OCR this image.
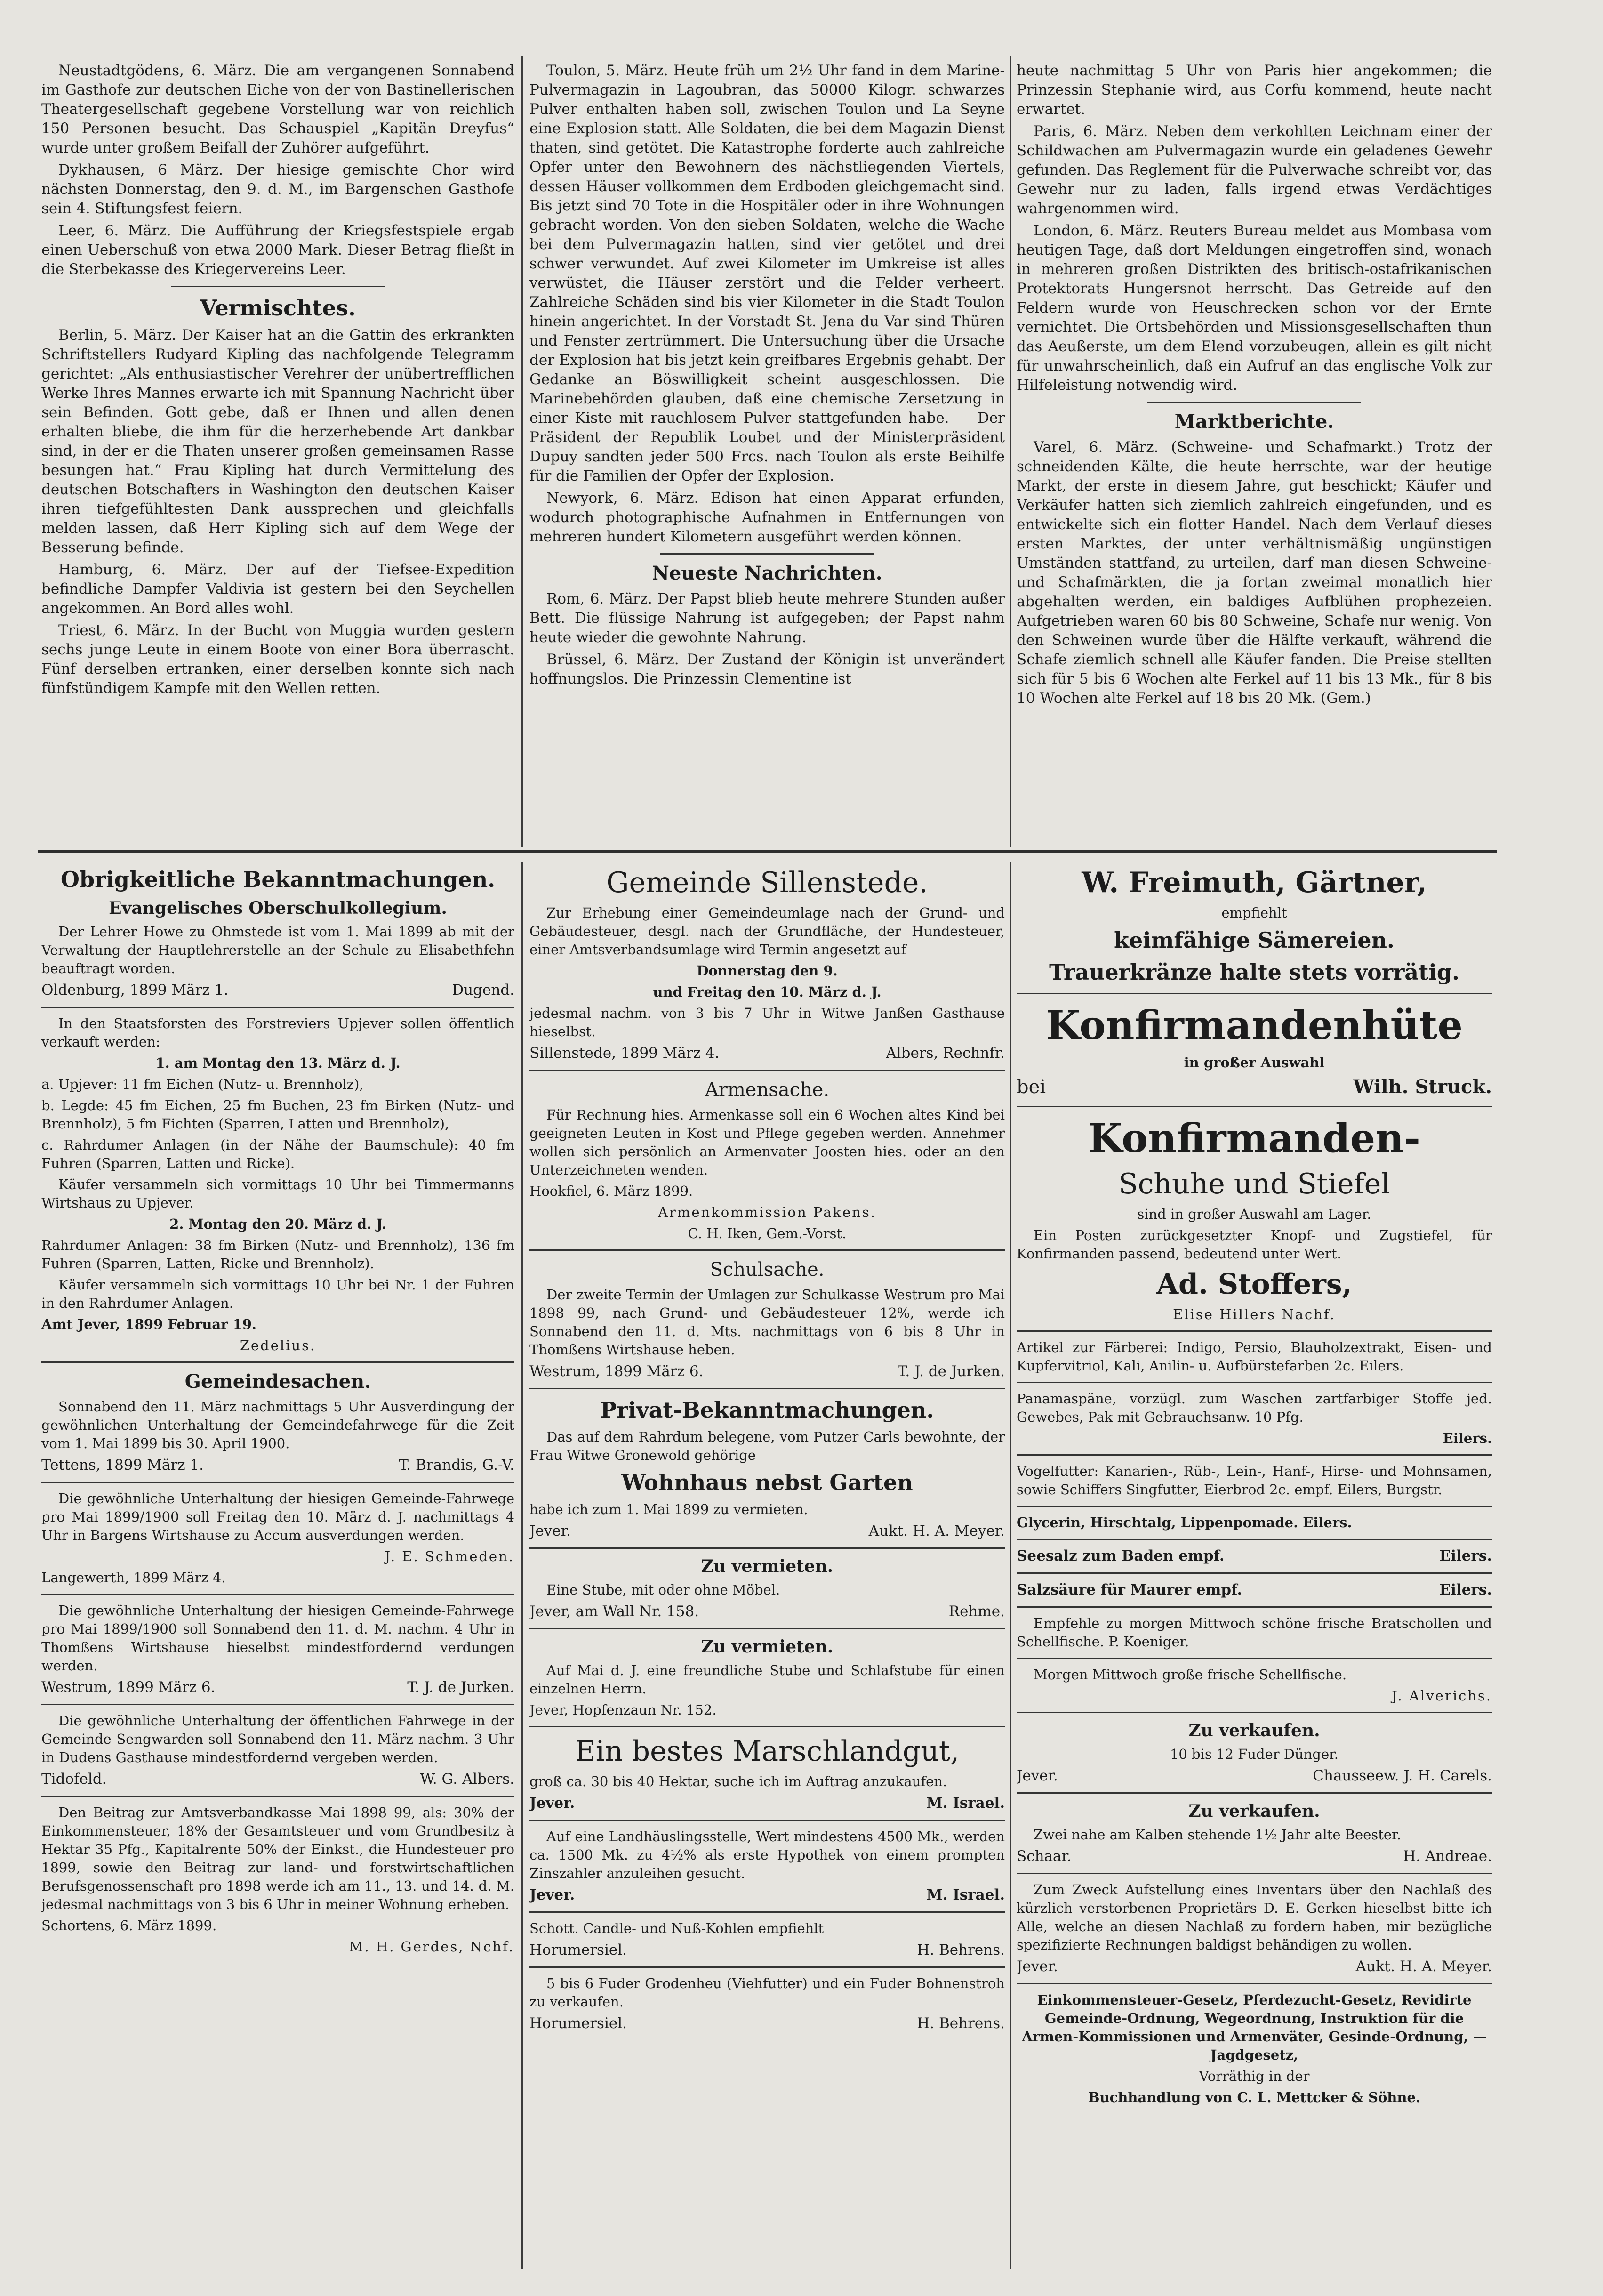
Neustadtgödens, 6. März. Die am vergangenen Sonnabend im Gasthofe zur deutschen Eiche von der von Bastinellerischen Theatergesellschaft gegebene Vorstellung war von reichlich 150 Personen besucht. Das Schauspiel „Kapitän Dreyfus“ wurde unter großem Beifall der Zuhörer aufgeführt.

Dykhausen, 6 März. Der hiesige gemischte Chor wird nächsten Donnerstag, den 9. d. M., im Bargenschen Gasthofe sein 4. Stiftungsfest feiern.

Leer, 6. März. Die Aufführung der Kriegsfestspiele ergab einen Ueberschuß von etwa 2000 Mark. Dieser Betrag fließt in die Sterbekasse des Kriegervereins Leer.

Vermischtes.

Berlin, 5. März. Der Kaiser hat an die Gattin des erkrankten Schriftstellers Rudyard Kipling das nachfolgende Telegramm gerichtet: „Als enthusiastischer Verehrer der unübertrefflichen Werke Ihres Mannes erwarte ich mit Spannung Nachricht über sein Befinden. Gott gebe, daß er Ihnen und allen denen erhalten bliebe, die ihm für die herzerhebende Art dankbar sind, in der er die Thaten unserer großen gemeinsamen Rasse besungen hat.“ Frau Kipling hat durch Vermittelung des deutschen Botschafters in Washington den deutschen Kaiser ihren tiefgefühltesten Dank aussprechen und gleichfalls melden lassen, daß Herr Kipling sich auf dem Wege der Besserung befinde.

Hamburg, 6. März. Der auf der Tiefsee-Expedition befindliche Dampfer Valdivia ist gestern bei den Seychellen angekommen. An Bord alles wohl.

Triest, 6. März. In der Bucht von Muggia wurden gestern sechs junge Leute in einem Boote von einer Bora überrascht. Fünf derselben ertranken, einer derselben konnte sich nach fünfstündigem Kampfe mit den Wellen retten.

Toulon, 5. März. Heute früh um 2½ Uhr fand in dem Marine-Pulvermagazin in Lagoubran, das 50000 Kilogr. schwarzes Pulver enthalten haben soll, zwischen Toulon und La Seyne eine Explosion statt. Alle Soldaten, die bei dem Magazin Dienst thaten, sind getötet. Die Katastrophe forderte auch zahlreiche Opfer unter den Bewohnern des nächstliegenden Viertels, dessen Häuser vollkommen dem Erdboden gleichgemacht sind. Bis jetzt sind 70 Tote in die Hospitäler oder in ihre Wohnungen gebracht worden. Von den sieben Soldaten, welche die Wache bei dem Pulvermagazin hatten, sind vier getötet und drei schwer verwundet. Auf zwei Kilometer im Umkreise ist alles verwüstet, die Häuser zerstört und die Felder verheert. Zahlreiche Schäden sind bis vier Kilometer in die Stadt Toulon hinein angerichtet. In der Vorstadt St. Jena du Var sind Thüren und Fenster zertrümmert. Die Untersuchung über die Ursache der Explosion hat bis jetzt kein greifbares Ergebnis gehabt. Der Gedanke an Böswilligkeit scheint ausgeschlossen. Die Marinebehörden glauben, daß eine chemische Zersetzung in einer Kiste mit rauchlosem Pulver stattgefunden habe. — Der Präsident der Republik Loubet und der Ministerpräsident Dupuy sandten jeder 500 Frcs. nach Toulon als erste Beihilfe für die Familien der Opfer der Explosion.

Newyork, 6. März. Edison hat einen Apparat erfunden, wodurch photographische Aufnahmen in Entfernungen von mehreren hundert Kilometern ausgeführt werden können.

Neueste Nachrichten.

Rom, 6. März. Der Papst blieb heute mehrere Stunden außer Bett. Die flüssige Nahrung ist aufgegeben; der Papst nahm heute wieder die gewohnte Nahrung.

Brüssel, 6. März. Der Zustand der Königin ist unverändert hoffnungslos. Die Prinzessin Clementine ist

heute nachmittag 5 Uhr von Paris hier angekommen; die Prinzessin Stephanie wird, aus Corfu kommend, heute nacht erwartet.

Paris, 6. März. Neben dem verkohlten Leichnam einer der Schildwachen am Pulvermagazin wurde ein geladenes Gewehr gefunden. Das Reglement für die Pulverwache schreibt vor, das Gewehr nur zu laden, falls irgend etwas Verdächtiges wahrgenommen wird.

London, 6. März. Reuters Bureau meldet aus Mombasa vom heutigen Tage, daß dort Meldungen eingetroffen sind, wonach in mehreren großen Distrikten des britisch-ostafrikanischen Protektorats Hungersnot herrscht. Das Getreide auf den Feldern wurde von Heuschrecken schon vor der Ernte vernichtet. Die Ortsbehörden und Missionsgesellschaften thun das Aeußerste, um dem Elend vorzubeugen, allein es gilt nicht für unwahrscheinlich, daß ein Aufruf an das englische Volk zur Hilfeleistung notwendig wird.

Marktberichte.

Varel, 6. März. (Schweine- und Schafmarkt.) Trotz der schneidenden Kälte, die heute herrschte, war der heutige Markt, der erste in diesem Jahre, gut beschickt; Käufer und Verkäufer hatten sich ziemlich zahlreich eingefunden, und es entwickelte sich ein flotter Handel. Nach dem Verlauf dieses ersten Marktes, der unter verhältnismäßig ungünstigen Umständen stattfand, zu urteilen, darf man diesen Schweine- und Schafmärkten, die ja fortan zweimal monatlich hier abgehalten werden, ein baldiges Aufblühen prophezeien. Aufgetrieben waren 60 bis 80 Schweine, Schafe nur wenig. Von den Schweinen wurde über die Hälfte verkauft, während die Schafe ziemlich schnell alle Käufer fanden. Die Preise stellten sich für 5 bis 6 Wochen alte Ferkel auf 11 bis 13 Mk., für 8 bis 10 Wochen alte Ferkel auf 18 bis 20 Mk. (Gem.)

Obrigkeitliche Bekanntmachungen.
Evangelisches Oberschulkollegium.

Der Lehrer Howe zu Ohmstede ist vom 1. Mai 1899 ab mit der Verwaltung der Hauptlehrerstelle an der Schule zu Elisabethfehn beauftragt worden.

Oldenburg, 1899 März 1.	Dugend.

In den Staatsforsten des Forstreviers Upjever sollen öffentlich verkauft werden:

1. am Montag den 13. März d. J.

a. Upjever: 11 fm Eichen (Nutz- u. Brennholz),

b. Legde: 45 fm Eichen, 25 fm Buchen, 23 fm Birken (Nutz- und Brennholz), 5 fm Fichten (Sparren, Latten und Brennholz),

c. Rahrdumer Anlagen (in der Nähe der Baumschule): 40 fm Fuhren (Sparren, Latten und Ricke).

Käufer versammeln sich vormittags 10 Uhr bei Timmermanns Wirtshaus zu Upjever.

2. Montag den 20. März d. J.

Rahrdumer Anlagen: 38 fm Birken (Nutz- und Brennholz), 136 fm Fuhren (Sparren, Latten, Ricke und Brennholz).

Käufer versammeln sich vormittags 10 Uhr bei Nr. 1 der Fuhren in den Rahrdumer Anlagen.

Amt Jever, 1899 Februar 19.

Zedelius.

Gemeindesachen.

Sonnabend den 11. März nachmittags 5 Uhr Ausverdingung der gewöhnlichen Unterhaltung der Gemeindefahrwege für die Zeit vom 1. Mai 1899 bis 30. April 1900.

Tettens, 1899 März 1.	T. Brandis, G.-V.

Die gewöhnliche Unterhaltung der hiesigen Gemeinde-Fahrwege pro Mai 1899/1900 soll Freitag den 10. März d. J. nachmittags 4 Uhr in Bargens Wirtshause zu Accum ausverdungen werden.

J. E. Schmeden.

Langewerth, 1899 März 4.

Die gewöhnliche Unterhaltung der hiesigen Gemeinde-Fahrwege pro Mai 1899/1900 soll Sonnabend den 11. d. M. nachm. 4 Uhr in Thomßens Wirtshause hieselbst mindestfordernd verdungen werden.

Westrum, 1899 März 6.	T. J. de Jurken.

Die gewöhnliche Unterhaltung der öffentlichen Fahrwege in der Gemeinde Sengwarden soll Sonnabend den 11. März nachm. 3 Uhr in Dudens Gasthause mindestfordernd vergeben werden.

Tidofeld.	W. G. Albers.

Den Beitrag zur Amtsverbandkasse Mai 1898 99, als: 30% der Einkommensteuer, 18% der Gesamtsteuer und vom Grundbesitz à Hektar 35 Pfg., Kapitalrente 50% der Einkst., die Hundesteuer pro 1899, sowie den Beitrag zur land- und forstwirtschaftlichen Berufsgenossenschaft pro 1898 werde ich am 11., 13. und 14. d. M. jedesmal nachmittags von 3 bis 6 Uhr in meiner Wohnung erheben.

Schortens, 6. März 1899.

M. H. Gerdes, Nchf.

Gemeinde Sillenstede.

Zur Erhebung einer Gemeindeumlage nach der Grund- und Gebäudesteuer, desgl. nach der Grundfläche, der Hundesteuer, einer Amtsverbandsumlage wird Termin angesetzt auf

Donnerstag den 9.

und Freitag den 10. März d. J.

jedesmal nachm. von 3 bis 7 Uhr in Witwe Janßen Gasthause hieselbst.

Sillenstede, 1899 März 4.	Albers, Rechnfr.
Armensache.

Für Rechnung hies. Armenkasse soll ein 6 Wochen altes Kind bei geeigneten Leuten in Kost und Pflege gegeben werden. Annehmer wollen sich persönlich an Armenvater Joosten hies. oder an den Unterzeichneten wenden.

Hookfiel, 6. März 1899.

Armenkommission Pakens.

C. H. Iken, Gem.-Vorst.

Schulsache.

Der zweite Termin der Umlagen zur Schulkasse Westrum pro Mai 1898 99, nach Grund- und Gebäudesteuer 12%, werde ich Sonnabend den 11. d. Mts. nachmittags von 6 bis 8 Uhr in Thomßens Wirtshause heben.

Westrum, 1899 März 6.	T. J. de Jurken.
Privat-Bekanntmachungen.

Das auf dem Rahrdum belegene, vom Putzer Carls bewohnte, der Frau Witwe Gronewold gehörige

Wohnhaus nebst Garten

habe ich zum 1. Mai 1899 zu vermieten.

Jever.	Aukt. H. A. Meyer.
Zu vermieten.

Eine Stube, mit oder ohne Möbel.

Jever, am Wall Nr. 158.	Rehme.
Zu vermieten.

Auf Mai d. J. eine freundliche Stube und Schlafstube für einen einzelnen Herrn.

Jever, Hopfenzaun Nr. 152.

Ein bestes Marschlandgut,

groß ca. 30 bis 40 Hektar, suche ich im Auftrag anzukaufen.

Jever.	M. Israel.

Auf eine Landhäuslingsstelle, Wert mindestens 4500 Mk., werden ca. 1500 Mk. zu 4½% als erste Hypothek von einem prompten Zinszahler anzuleihen gesucht.

Jever.	M. Israel.

Schott. Candle- und Nuß-Kohlen empfiehlt

Horumersiel.	H. Behrens.

5 bis 6 Fuder Grodenheu (Viehfutter) und ein Fuder Bohnenstroh zu verkaufen.

Horumersiel.	H. Behrens.
W. Freimuth, Gärtner,

empfiehlt

keimfähige Sämereien.
Trauerkränze halte stets vorrätig.
Konfirmandenhüte

in großer Auswahl

bei	Wilh. Struck.
Konfirmanden-
Schuhe und Stiefel

sind in großer Auswahl am Lager.

Ein Posten zurückgesetzter Knopf- und Zugstiefel, für Konfirmanden passend, bedeutend unter Wert.

Ad. Stoffers,

Elise Hillers Nachf.

Artikel zur Färberei: Indigo, Persio, Blauholzextrakt, Eisen- und Kupfervitriol, Kali, Anilin- u. Aufbürstefarben 2c. Eilers.

Panamaspäne, vorzügl. zum Waschen zartfarbiger Stoffe jed. Gewebes, Pak mit Gebrauchsanw. 10 Pfg.

Eilers.

Vogelfutter: Kanarien-, Rüb-, Lein-, Hanf-, Hirse- und Mohnsamen, sowie Schiffers Singfutter, Eierbrod 2c. empf. Eilers, Burgstr.

Glycerin, Hirschtalg, Lippenpomade. Eilers.

Seesalz zum Baden empf.	Eilers.
Salzsäure für Maurer empf.	Eilers.

Empfehle zu morgen Mittwoch schöne frische Bratschollen und Schellfische. P. Koeniger.

Morgen Mittwoch große frische Schellfische.

J. Alverichs.

Zu verkaufen.

10 bis 12 Fuder Dünger.

Jever.	Chausseew. J. H. Carels.
Zu verkaufen.

Zwei nahe am Kalben stehende 1½ Jahr alte Beester.

Schaar.	H. Andreae.

Zum Zweck Aufstellung eines Inventars über den Nachlaß des kürzlich verstorbenen Proprietärs D. E. Gerken hieselbst bitte ich Alle, welche an diesen Nachlaß zu fordern haben, mir bezügliche spezifizierte Rechnungen baldigst behändigen zu wollen.

Jever.	Aukt. H. A. Meyer.

Einkommensteuer-Gesetz, Pferdezucht-Gesetz, Revidirte Gemeinde-Ordnung, Wegeordnung, Instruktion für die Armen-Kommissionen und Armenväter, Gesinde-Ordnung, — Jagdgesetz,

Vorräthig in der

Buchhandlung von C. L. Mettcker & Söhne.
